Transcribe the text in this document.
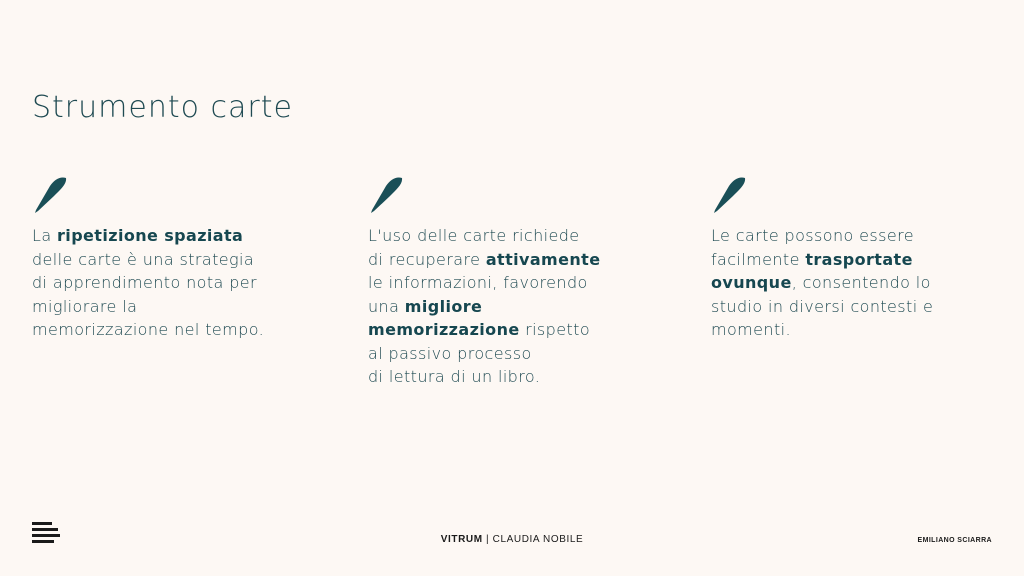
Strumento carte

La ripetizione spaziata
delle carte è una strategia
di apprendimento nota per
migliorare la
memorizzazione nel tempo.

L'uso delle carte richiede
di recuperare attivamente
le informazioni, favorendo
una migliore
memorizzazione rispetto
al passivo processo
di lettura di un libro.

Le carte possono essere
facilmente trasportate
ovunque, consentendo lo
studio in diversi contesti e
momenti.

VITRUM | CLAUDIA NOBILE	EMILIANO SCIARRA
